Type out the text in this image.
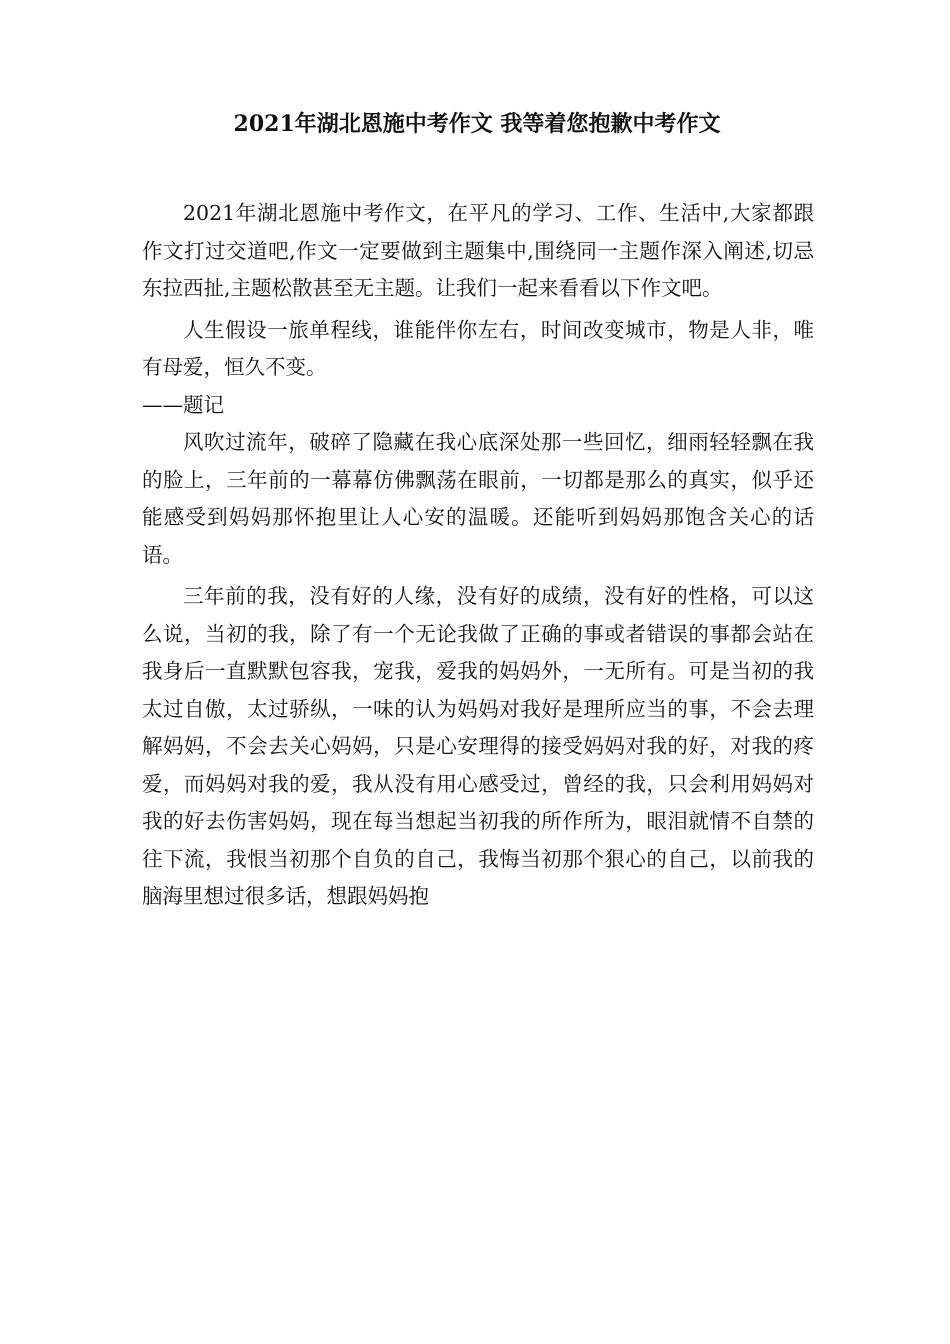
2021年湖北恩施中考作文 我等着您抱歉中考作文

2021年湖北恩施中考作文，在平凡的学习、工作、生活中,大家都跟作文打过交道吧,作文一定要做到主题集中,围绕同一主题作深入阐述,切忌东拉西扯,主题松散甚至无主题。让我们一起来看看以下作文吧。

人生假设一旅单程线，谁能伴你左右，时间改变城市，物是人非，唯有母爱，恒久不变。

——题记

风吹过流年，破碎了隐藏在我心底深处那一些回忆，细雨轻轻飘在我的脸上，三年前的一幕幕仿佛飘荡在眼前，一切都是那么的真实，似乎还能感受到妈妈那怀抱里让人心安的温暖。还能听到妈妈那饱含关心的话语。

三年前的我，没有好的人缘，没有好的成绩，没有好的性格，可以这么说，当初的我，除了有一个无论我做了正确的事或者错误的事都会站在我身后一直默默包容我，宠我，爱我的妈妈外，一无所有。可是当初的我太过自傲，太过骄纵，一味的认为妈妈对我好是理所应当的事，不会去理解妈妈，不会去关心妈妈，只是心安理得的接受妈妈对我的好，对我的疼爱，而妈妈对我的爱，我从没有用心感受过，曾经的我，只会利用妈妈对我的好去伤害妈妈，现在每当想起当初我的所作所为，眼泪就情不自禁的往下流，我恨当初那个自负的自己，我悔当初那个狠心的自己，以前我的脑海里想过很多话，想跟妈妈抱
